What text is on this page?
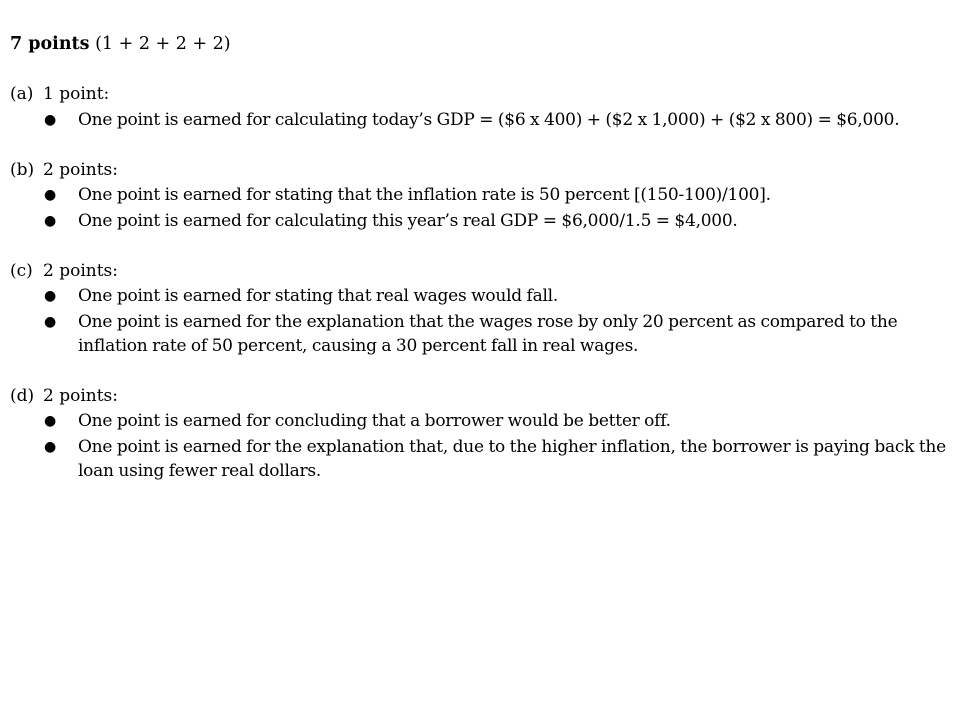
7 points (1 + 2 + 2 + 2)
(a) 1 point:
●	One point is earned for calculating today’s GDP = ($6 x 400) + ($2 x 1,000) + ($2 x 800) = $6,000.
(b) 2 points:
●	One point is earned for stating that the inflation rate is 50 percent [(150-100)/100].
●	One point is earned for calculating this year’s real GDP = $6,000/1.5 = $4,000.
(c) 2 points:
●	One point is earned for stating that real wages would fall.
●	One point is earned for the explanation that the wages rose by only 20 percent as compared to the inflation rate of 50 percent, causing a 30 percent fall in real wages.
(d) 2 points:
●	One point is earned for concluding that a borrower would be better off.
●	One point is earned for the explanation that, due to the higher inflation, the borrower is paying back the loan using fewer real dollars.
